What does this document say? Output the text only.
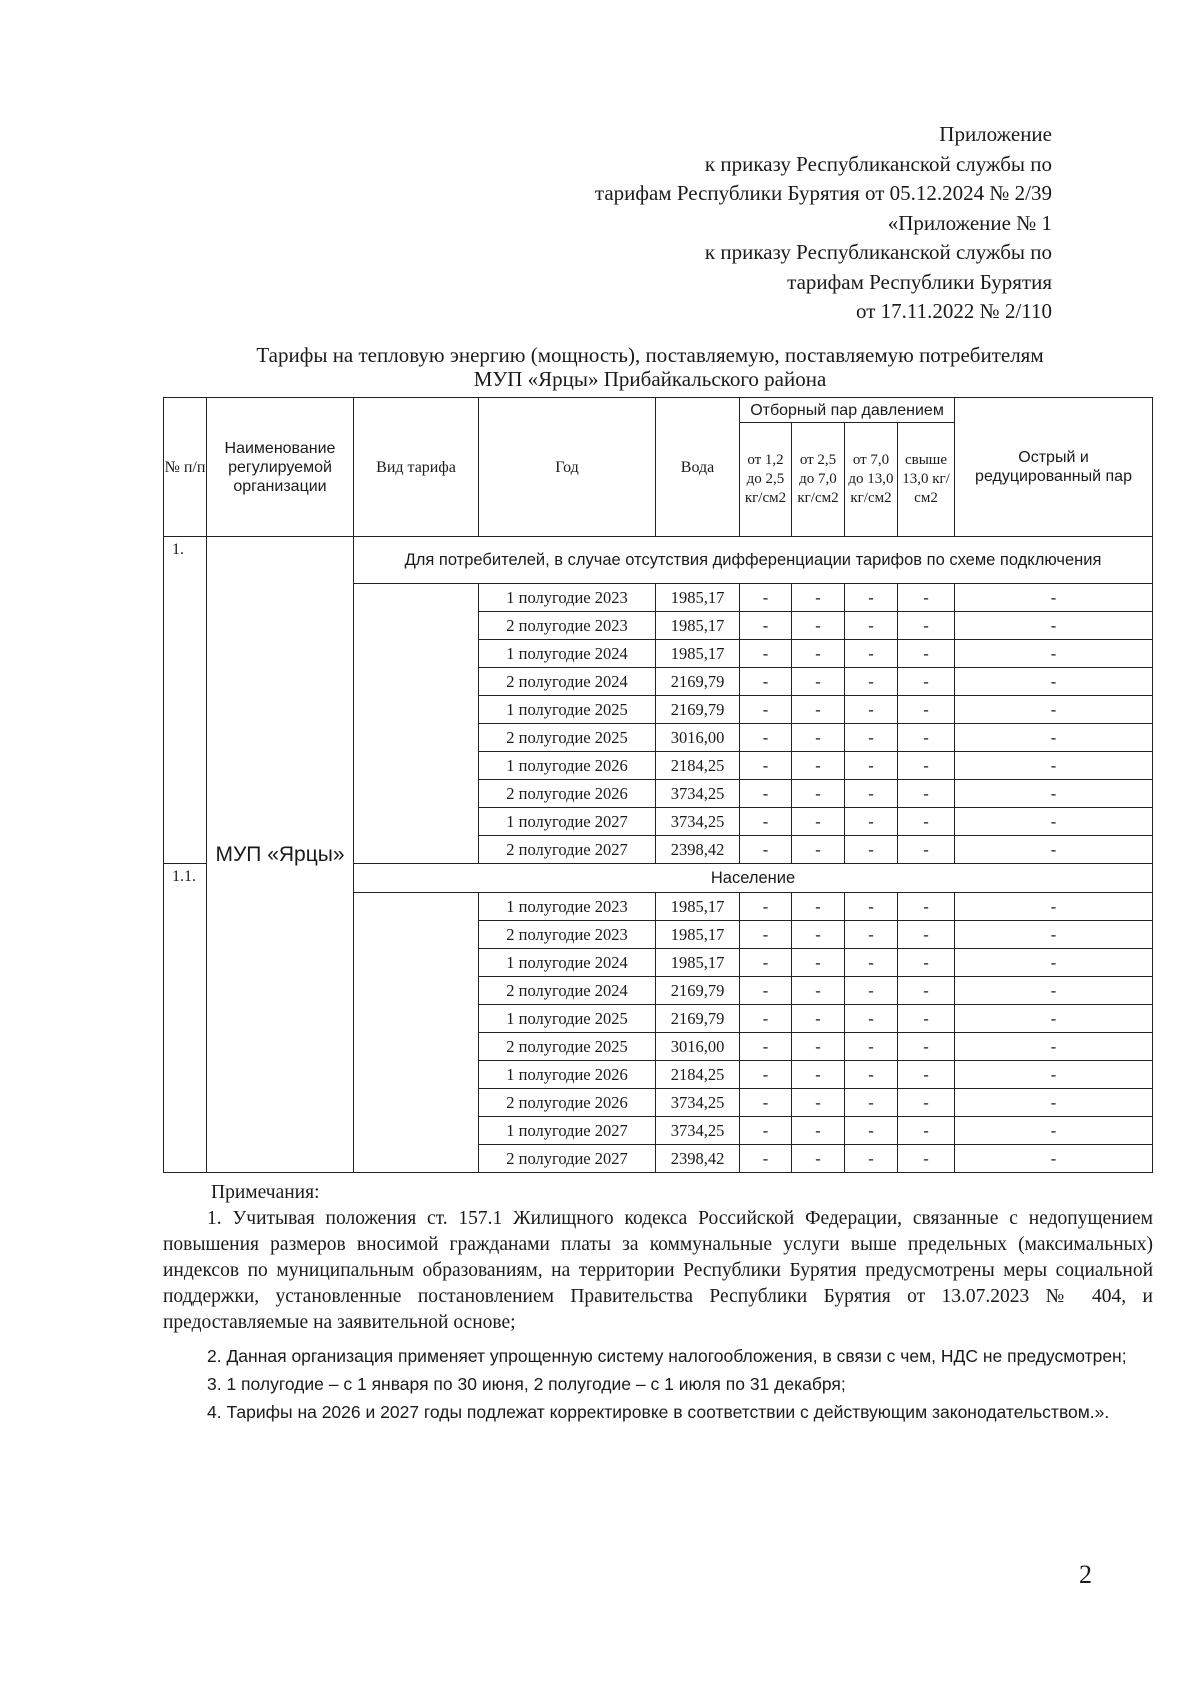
Приложение
к приказу Республиканской службы по
тарифам Республики Бурятия от 05.12.2024 № 2/39
«Приложение № 1
к приказу Республиканской службы по
тарифам Республики Бурятия
от 17.11.2022 № 2/110
Тарифы на тепловую энергию (мощность), поставляемую, поставляемую потребителям
МУП «Ярцы» Прибайкальского района
№ п/п	Наименование регулируемой организации	Вид тарифа	Год	Вода	Отборный пар давлением				Острый и редуцированный пар
					от 1,2 до 2,5 кг/см2	от 2,5 до 7,0 кг/см2	от 7,0 до 13,0 кг/см2	свыше 13,0 кг/см2	
1.	МУП «Ярцы»	Для потребителей, в случае отсутствия дифференциации тарифов по схеме подключения							
			1 полугодие 2023	1985,17	-	-	-	-	-
			2 полугодие 2023	1985,17	-	-	-	-	-
			1 полугодие 2024	1985,17	-	-	-	-	-
			2 полугодие 2024	2169,79	-	-	-	-	-
			1 полугодие 2025	2169,79	-	-	-	-	-
			2 полугодие 2025	3016,00	-	-	-	-	-
			1 полугодие 2026	2184,25	-	-	-	-	-
			2 полугодие 2026	3734,25	-	-	-	-	-
			1 полугодие 2027	3734,25	-	-	-	-	-
			2 полугодие 2027	2398,42	-	-	-	-	-
1.1.		Население							
			1 полугодие 2023	1985,17	-	-	-	-	-
			2 полугодие 2023	1985,17	-	-	-	-	-
			1 полугодие 2024	1985,17	-	-	-	-	-
			2 полугодие 2024	2169,79	-	-	-	-	-
			1 полугодие 2025	2169,79	-	-	-	-	-
			2 полугодие 2025	3016,00	-	-	-	-	-
			1 полугодие 2026	2184,25	-	-	-	-	-
			2 полугодие 2026	3734,25	-	-	-	-	-
			1 полугодие 2027	3734,25	-	-	-	-	-
			2 полугодие 2027	2398,42	-	-	-	-	-

Примечания:

1. Учитывая положения ст. 157.1 Жилищного кодекса Российской Федерации, связанные с недопущением повышения размеров вносимой гражданами платы за коммунальные услуги выше предельных (максимальных) индексов по муниципальным образованиям, на территории Республики Бурятия предусмотрены меры социальной поддержки, установленные постановлением Правительства Республики Бурятия от 13.07.2023 № 404, и предоставляемые на заявительной основе;

2. Данная организация применяет упрощенную систему налогообложения, в связи с чем, НДС не предусмотрен;

3. 1 полугодие – с 1 января по 30 июня, 2 полугодие – с 1 июля по 31 декабря;

4. Тарифы на 2026 и 2027 годы подлежат корректировке в соответствии с действующим законодательством.».

2
